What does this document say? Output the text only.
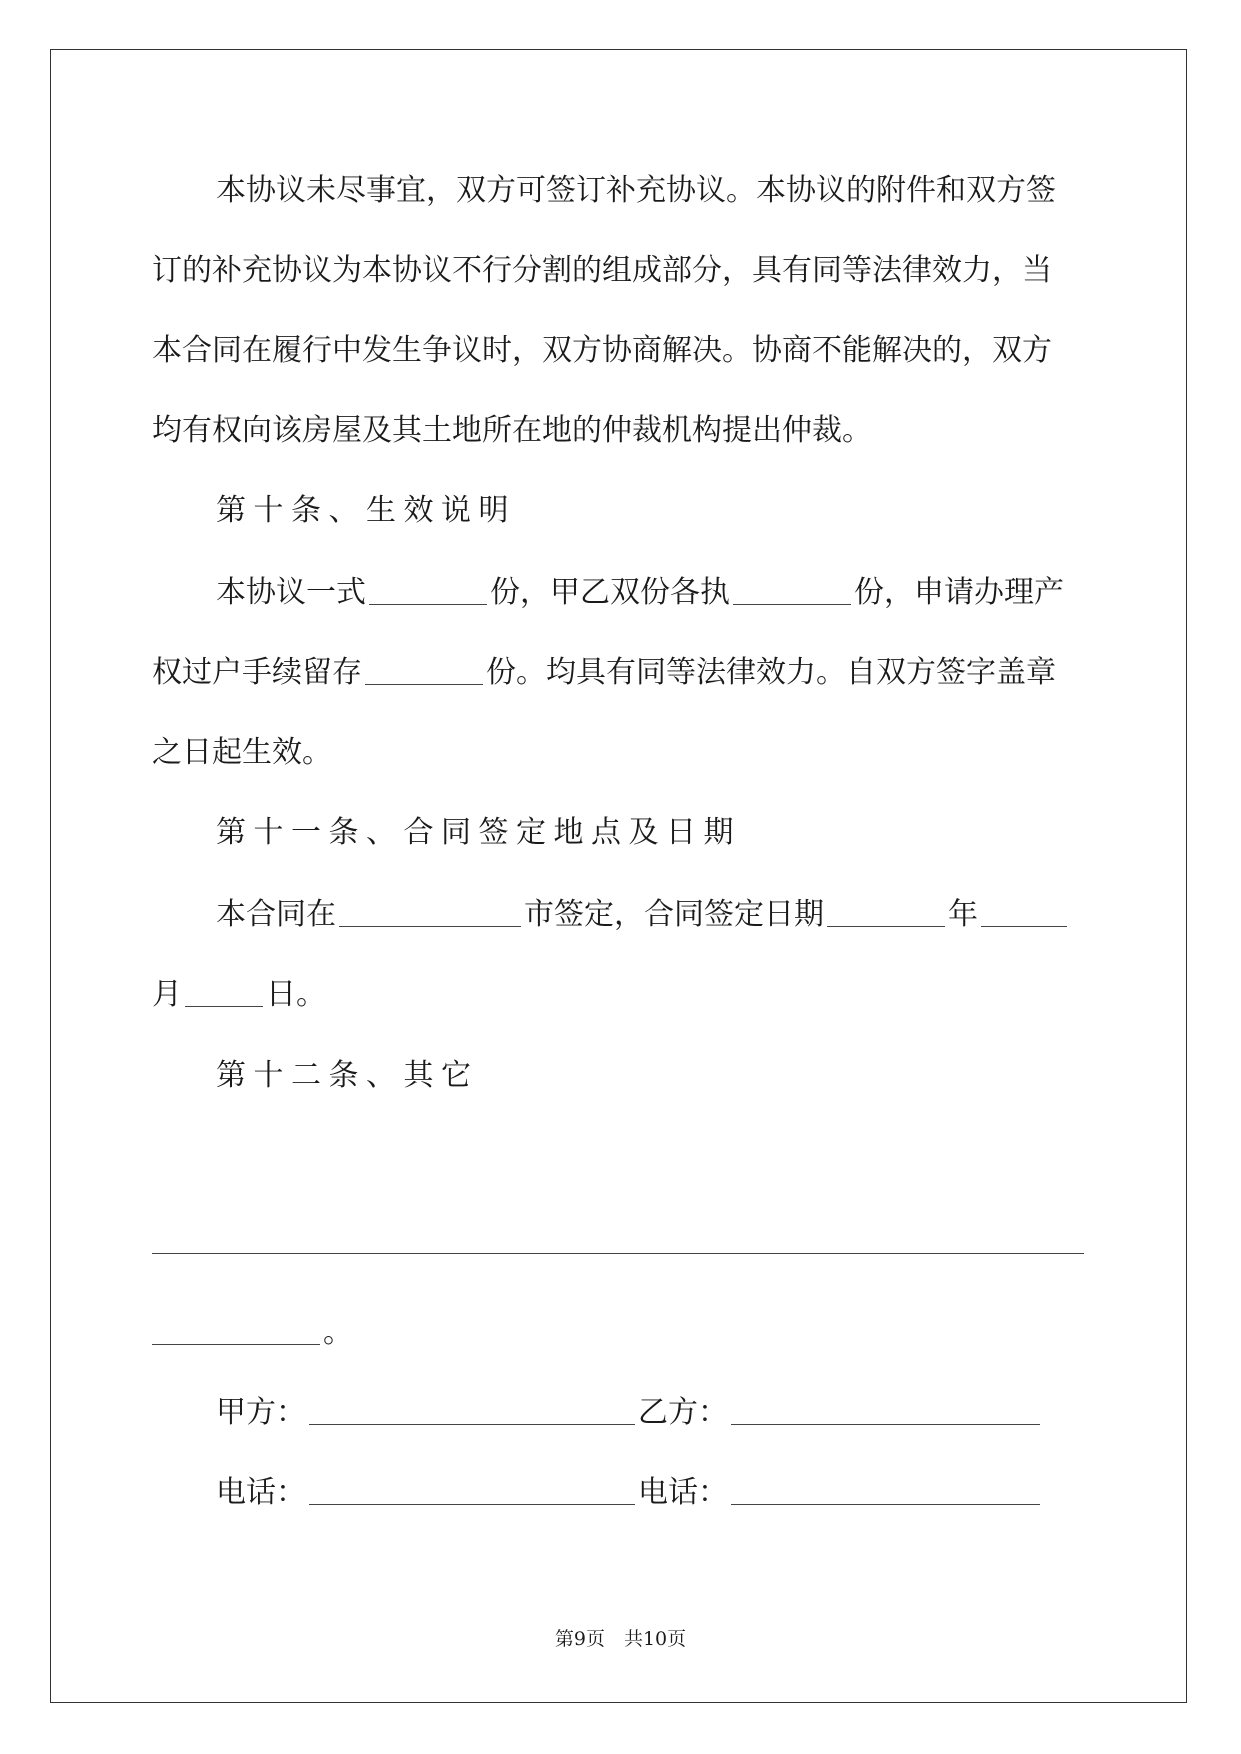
本协议未尽事宜，双方可签订补充协议。本协议的附件和双方签
订的补充协议为本协议不行分割的组成部分，具有同等法律效力，当
本合同在履行中发生争议时，双方协商解决。协商不能解决的，双方
均有权向该房屋及其土地所在地的仲裁机构提出仲裁。
第十条、生效说明
本协议一式	份，甲乙双份各执	份，申请办理产
权过户手续留存	份。均具有同等法律效力。自双方签字盖章
之日起生效。
第十一条、合同签定地点及日期
本合同在	市签定，合同签定日期	年
月	日。
第十二条、其它
。
甲方：	乙方：
电话：	电话：
第9页　共10页
